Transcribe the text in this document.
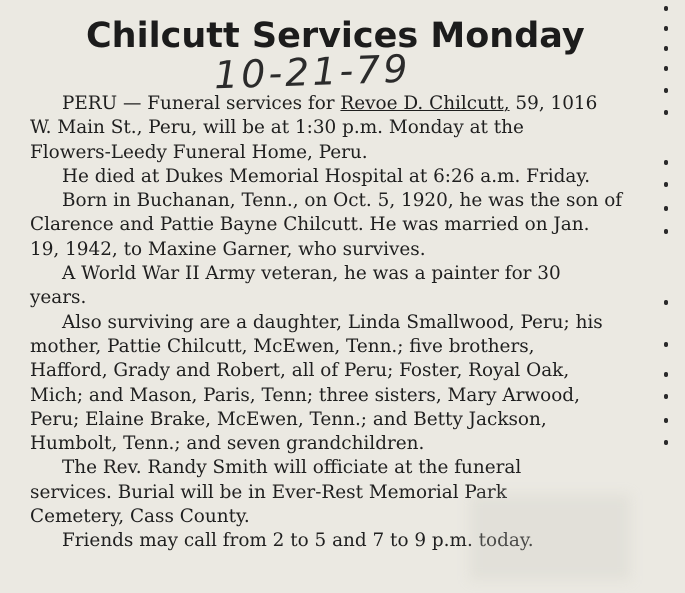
Chilcutt Services Monday
10-21-79
PERU — Funeral services for Revoe D. Chilcutt, 59, 1016
W. Main St., Peru, will be at 1:30 p.m. Monday at the
Flowers-Leedy Funeral Home, Peru.
He died at Dukes Memorial Hospital at 6:26 a.m. Friday.
Born in Buchanan, Tenn., on Oct. 5, 1920, he was the son of
Clarence and Pattie Bayne Chilcutt. He was married on Jan.
19, 1942, to Maxine Garner, who survives.
A World War II Army veteran, he was a painter for 30
years.
Also surviving are a daughter, Linda Smallwood, Peru; his
mother, Pattie Chilcutt, McEwen, Tenn.; five brothers,
Hafford, Grady and Robert, all of Peru; Foster, Royal Oak,
Mich; and Mason, Paris, Tenn; three sisters, Mary Arwood,
Peru; Elaine Brake, McEwen, Tenn.; and Betty Jackson,
Humbolt, Tenn.; and seven grandchildren.
The Rev. Randy Smith will officiate at the funeral
services. Burial will be in Ever-Rest Memorial Park
Cemetery, Cass County.
Friends may call from 2 to 5 and 7 to 9 p.m. today.
